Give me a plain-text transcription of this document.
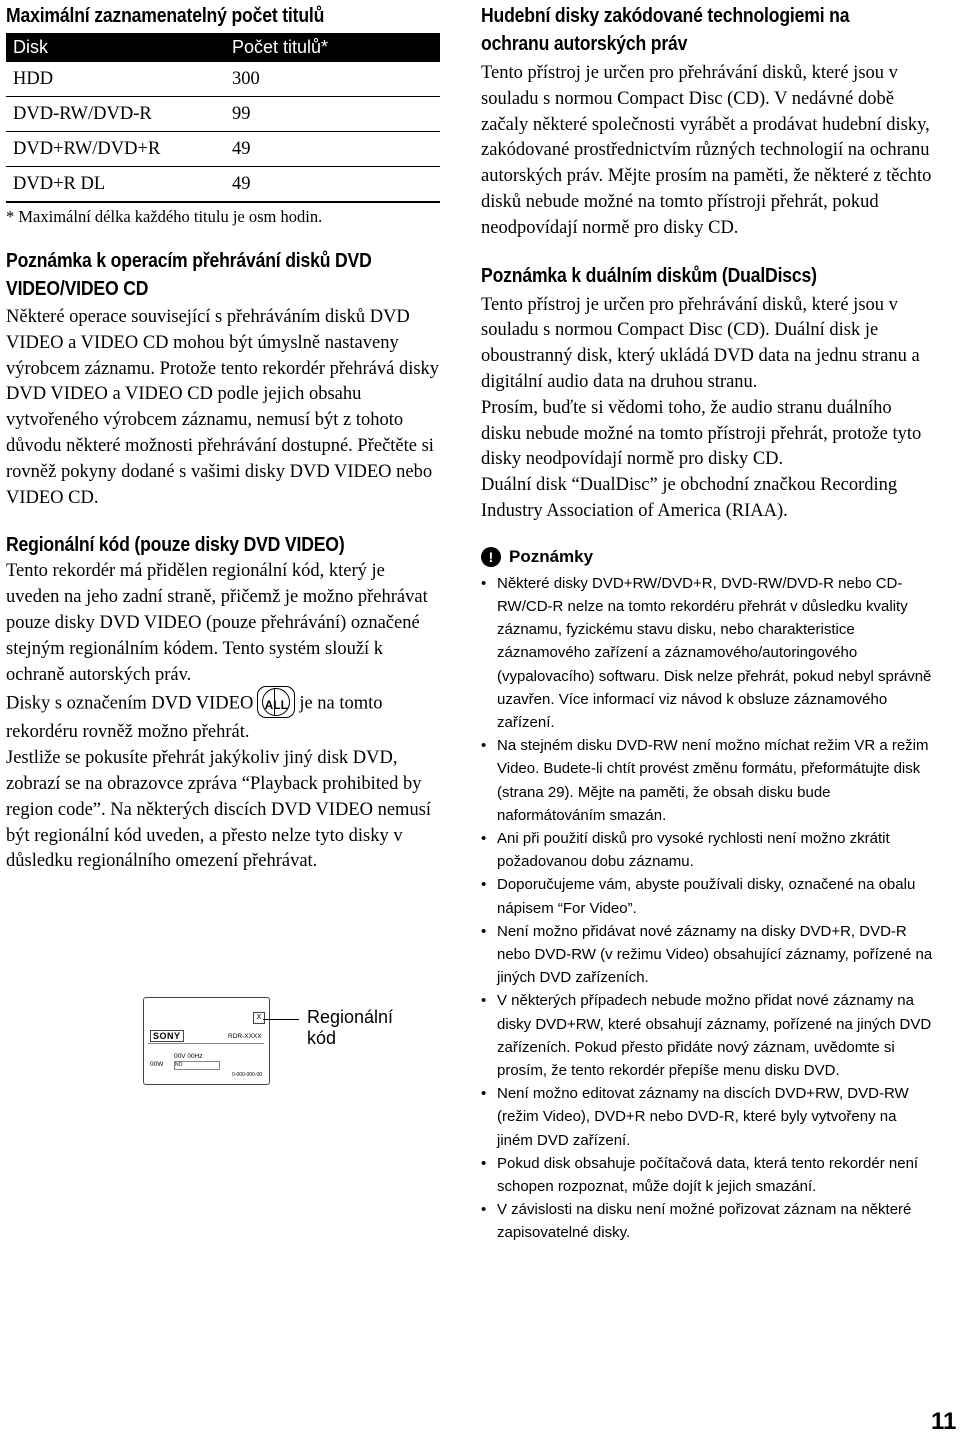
Maximální zaznamenatelný počet titulů
Disk	Počet titulů*
HDD	300
DVD-RW/DVD-R	99
DVD+RW/DVD+R	49
DVD+R DL	49

* Maximální délka každého titulu je osm hodin.

Poznámka k operacím přehrávání disků DVD
VIDEO/VIDEO CD

Některé operace související s přehráváním disků DVD VIDEO a VIDEO CD mohou být úmyslně nastaveny výrobcem záznamu. Protože tento rekordér přehrává disky DVD VIDEO a VIDEO CD podle jejich obsahu vytvořeného výrobcem záznamu, nemusí být z tohoto důvodu některé možnosti přehrávání dostupné. Přečtěte si rovněž pokyny dodané s vašimi disky DVD VIDEO nebo VIDEO CD.

Regionální kód (pouze disky DVD VIDEO)

Tento rekordér má přidělen regionální kód, který je uveden na jeho zadní straně, přičemž je možno přehrávat pouze disky DVD VIDEO (pouze přehrávání) označené stejným regionálním kódem. Tento systém slouží k ochraně autorských práv.

Disky s označením DVD VIDEO ALL je na tomto rekordéru rovněž možno přehrát.

Jestliže se pokusíte přehrát jakýkoliv jiný disk DVD, zobrazí se na obrazovce zpráva “Playback prohibited by region code”. Na některých discích DVD VIDEO nemusí být regionální kód uveden, a přesto nelze tyto disky v důsledku regionálního omezení přehrávat.

X
SONY	RDR-XXXX
00V 00Hz
00W NO
0-000-000-00
Regionální
kód
Hudební disky zakódované technologiemi na
ochranu autorských práv

Tento přístroj je určen pro přehrávání disků, které jsou v souladu s normou Compact Disc (CD). V nedávné době začaly některé společnosti vyrábět a prodávat hudební disky, zakódované prostřednictvím různých technologií na ochranu autorských práv. Mějte prosím na paměti, že některé z těchto disků nebude možné na tomto přístroji přehrát, pokud neodpovídají normě pro disky CD.

Poznámka k duálním diskům (DualDiscs)

Tento přístroj je určen pro přehrávání disků, které jsou v souladu s normou Compact Disc (CD). Duální disk je oboustranný disk, který ukládá DVD data na jednu stranu a digitální audio data na druhou stranu.

Prosím, buďte si vědomi toho, že audio stranu duálního disku nebude možné na tomto přístroji přehrát, protože tyto disky neodpovídají normě pro disky CD.

Duální disk “DualDisc” je obchodní značkou Recording Industry Association of America (RIAA).

! Poznámky
• Některé disky DVD+RW/DVD+R, DVD-RW/DVD-R nebo CD-RW/CD-R nelze na tomto rekordéru přehrát v důsledku kvality záznamu, fyzickému stavu disku, nebo charakteristice záznamového zařízení a záznamového/autoringového (vypalovacího) softwaru. Disk nelze přehrát, pokud nebyl správně uzavřen. Více informací viz návod k obsluze záznamového zařízení.
• Na stejném disku DVD-RW není možno míchat režim VR a režim Video. Budete-li chtít provést změnu formátu, přeformátujte disk (strana 29). Mějte na paměti, že obsah disku bude naformátováním smazán.
• Ani při použití disků pro vysoké rychlosti není možno zkrátit požadovanou dobu záznamu.
• Doporučujeme vám, abyste používali disky, označené na obalu nápisem “For Video”.
• Není možno přidávat nové záznamy na disky DVD+R, DVD-R nebo DVD-RW (v režimu Video) obsahující záznamy, pořízené na jiných DVD zařízeních.
• V některých případech nebude možno přidat nové záznamy na disky DVD+RW, které obsahují záznamy, pořízené na jiných DVD zařízeních. Pokud přesto přidáte nový záznam, uvědomte si prosím, že tento rekordér přepíše menu disku DVD.
• Není možno editovat záznamy na discích DVD+RW, DVD-RW (režim Video), DVD+R nebo DVD-R, které byly vytvořeny na jiném DVD zařízení.
• Pokud disk obsahuje počítačová data, která tento rekordér není schopen rozpoznat, může dojít k jejich smazání.
• V závislosti na disku není možné pořizovat záznam na některé zapisovatelné disky.
11
